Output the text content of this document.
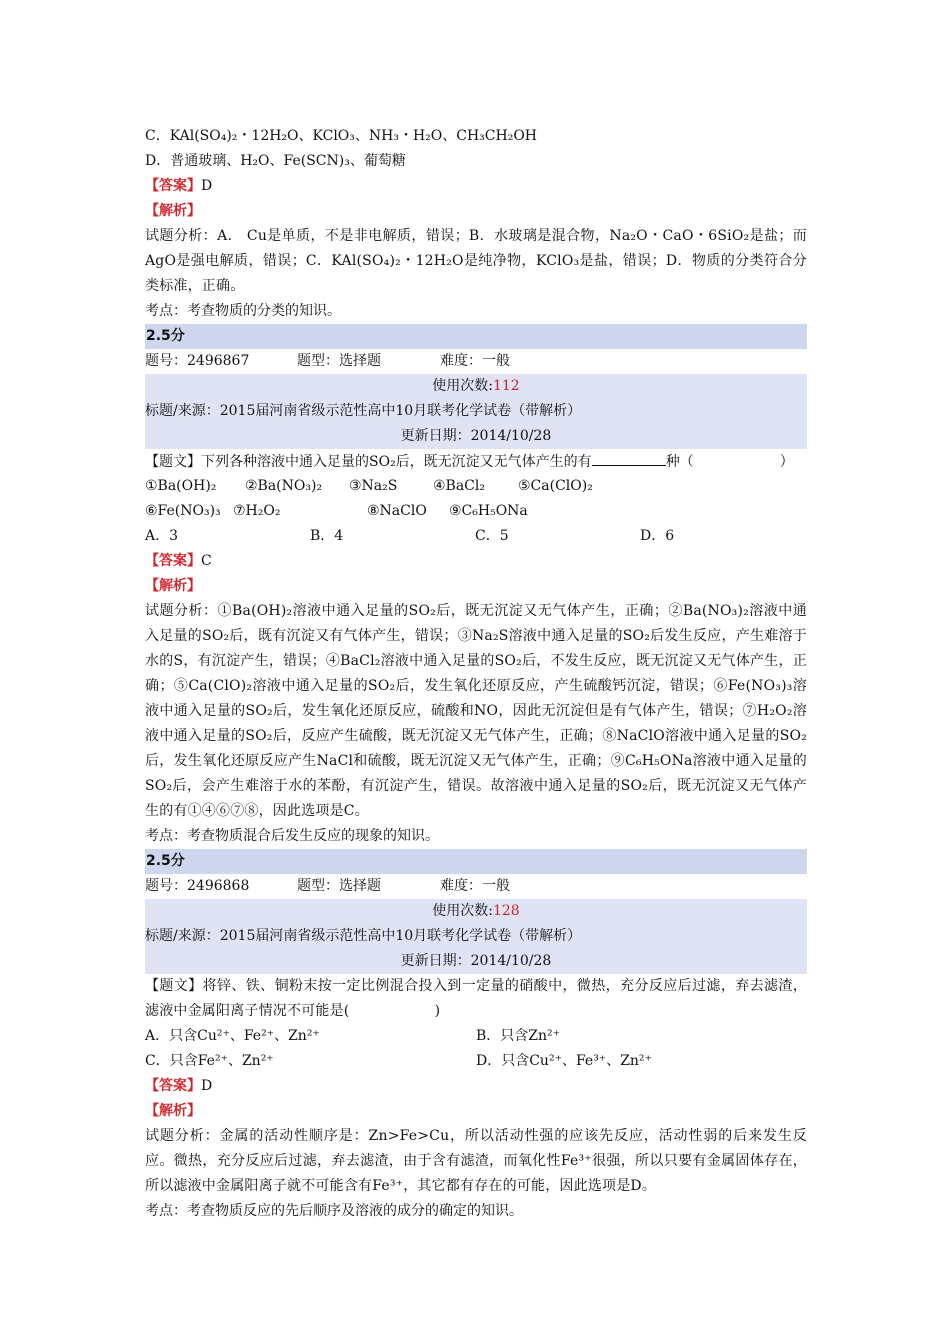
C．KAl(SO₄)₂・12H₂O、KClO₃、NH₃・H₂O、CH₃CH₂OH
D．普通玻璃、H₂O、Fe(SCN)₃、葡萄糖
【答案】D
【解析】
试题分析：A． Cu是单质，不是非电解质，错误；B．水玻璃是混合物，Na₂O・CaO・6SiO₂是盐；而AgO是强电解质，错误；C．KAl(SO₄)₂・12H₂O是纯净物，KClO₃是盐，错误；D．物质的分类符合分类标准，正确。
考点：考查物质的分类的知识。
2.5分
题号：2496867	题型：选择题	难度：一般
使用次数:112
标题/来源：2015届河南省级示范性高中10月联考化学试卷（带解析）
更新日期：2014/10/28
【题文】下列各种溶液中通入足量的SO₂后，既无沉淀又无气体产生的有	种（	）
①Ba(OH)₂ ②Ba(NO₃)₂ ③Na₂S	④BaCl₂ ⑤Ca(ClO)₂
⑥Fe(NO₃)₃ ⑦H₂O₂	⑧NaClO ⑨C₆H₅ONa
A．3	B．4	C．5	D．6
【答案】C
【解析】
试题分析：①Ba(OH)₂溶液中通入足量的SO₂后，既无沉淀又无气体产生，正确；②Ba(NO₃)₂溶液中通入足量的SO₂后，既有沉淀又有气体产生，错误；③Na₂S溶液中通入足量的SO₂后发生反应，产生难溶于水的S，有沉淀产生，错误；④BaCl₂溶液中通入足量的SO₂后，不发生反应，既无沉淀又无气体产生，正确；⑤Ca(ClO)₂溶液中通入足量的SO₂后，发生氧化还原反应，产生硫酸钙沉淀，错误；⑥Fe(NO₃)₃溶液中通入足量的SO₂后，发生氧化还原反应，硫酸和NO，因此无沉淀但是有气体产生，错误；⑦H₂O₂溶液中通入足量的SO₂后，反应产生硫酸，既无沉淀又无气体产生，正确；⑧NaClO溶液中通入足量的SO₂后，发生氧化还原反应产生NaCl和硫酸，既无沉淀又无气体产生，正确；⑨C₆H₅ONa溶液中通入足量的SO₂后，会产生难溶于水的苯酚，有沉淀产生，错误。故溶液中通入足量的SO₂后，既无沉淀又无气体产生的有①④⑥⑦⑧，因此选项是C。
考点：考查物质混合后发生反应的现象的知识。
2.5分
题号：2496868	题型：选择题	难度：一般
使用次数:128
标题/来源：2015届河南省级示范性高中10月联考化学试卷（带解析）
更新日期：2014/10/28
【题文】将锌、铁、铜粉末按一定比例混合投入到一定量的硝酸中，微热，充分反应后过滤，弃去滤渣，滤液中金属阳离子情况不可能是(　　　　　　)
A．只含Cu²⁺、Fe²⁺、Zn²⁺	B．只含Zn²⁺
C．只含Fe²⁺、Zn²⁺	D．只含Cu²⁺、Fe³⁺、Zn²⁺
【答案】D
【解析】
试题分析：金属的活动性顺序是：Zn>Fe>Cu，所以活动性强的应该先反应，活动性弱的后来发生反应。微热，充分反应后过滤，弃去滤渣，由于含有滤渣，而氧化性Fe³⁺很强，所以只要有金属固体存在，所以滤液中金属阳离子就不可能含有Fe³⁺，其它都有存在的可能，因此选项是D。
考点：考查物质反应的先后顺序及溶液的成分的确定的知识。
